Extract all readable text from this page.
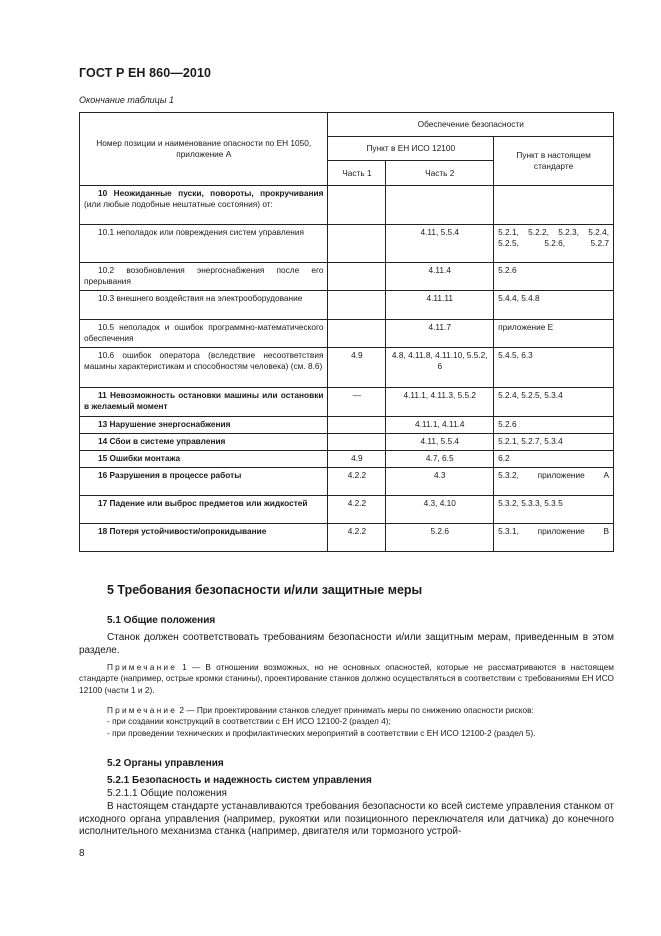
ГОСТ Р ЕН 860—2010
Окончание таблицы 1
Номер позиции и наименование опасности по ЕН 1050, приложение А	Обеспечение безопасности		
	Пункт в ЕН ИСО 12100		Пункт в настоящем стандарте
	Часть 1	Часть 2	
10 Неожиданные пуски, повороты, прокручивания (или любые подобные нештатные состояния) от:			
10.1 неполадок или повреждения систем управления		4.11, 5.5.4	5.2.1, 5.2.2, 5.2.3, 5.2.4, 5.2.5, 5.2.6, 5.2.7
10.2 возобновления энергоснабжения после его прерывания		4.11.4	5.2.6
10.3 внешнего воздействия на электрооборудование		4.11.11	5.4.4, 5.4.8
10.5 неполадок и ошибок программно-математического обеспечения		4.11.7	приложение Е
10.6 ошибок оператора (вследствие несоответствия машины характеристикам и способностям человека) (см. 8.6)	4.9	4.8, 4.11.8, 4.11.10, 5.5.2, 6	5.4.5, 6.3
11 Невозможность остановки машины или остановки в желаемый момент	—	4.11.1, 4.11.3, 5.5.2	5.2.4, 5.2.5, 5.3.4
13 Нарушение энергоснабжения		4.11.1, 4.11.4	5.2.6
14 Сбои в системе управления		4.11, 5.5.4	5.2.1, 5.2.7, 5.3.4
15 Ошибки монтажа	4.9	4.7, 6.5	6.2
16 Разрушения в процессе работы	4.2.2	4.3	5.3.2, приложение А
17 Падение или выброс предметов или жидкостей	4.2.2	4.3, 4.10	5.3.2, 5.3.3, 5.3.5
18 Потеря устойчивости/опрокидывание	4.2.2	5.2.6	5.3.1, приложение В
5 Требования безопасности и/или защитные меры
5.1 Общие положения
Станок должен соответствовать требованиям безопасности и/или защитным мерам, приведенным в этом разделе.
Примечание 1 — В отношении возможных, но не основных опасностей, которые не рассматриваются в настоящем стандарте (например, острые кромки станины), проектирование станков должно осуществляться в соответствии с требованиями ЕН ИСО 12100 (части 1 и 2).
Примечание 2 — При проектировании станков следует принимать меры по снижению опасности рисков:
- при создании конструкций в соответствии с ЕН ИСО 12100-2 (раздел 4);
- при проведении технических и профилактических мероприятий в соответствии с ЕН ИСО 12100-2 (раздел 5).
5.2 Органы управления
5.2.1 Безопасность и надежность систем управления
5.2.1.1 Общие положения
В настоящем стандарте устанавливаются требования безопасности ко всей системе управления станком от исходного органа управления (например, рукоятки или позиционного переключателя или датчика) до конечного исполнительного механизма станка (например, двигателя или тормозного устрой-
8
